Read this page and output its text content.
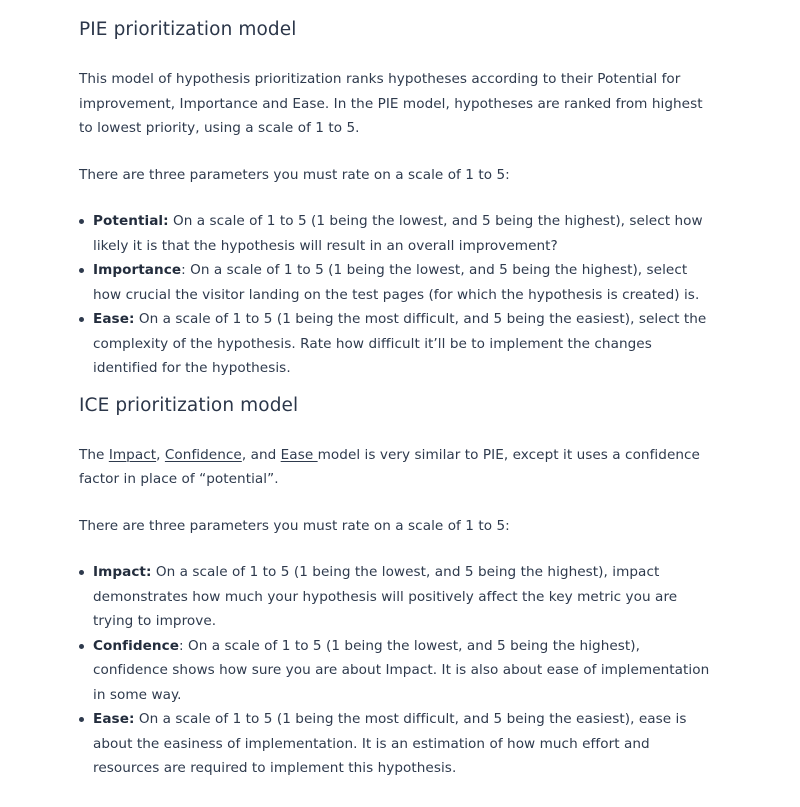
PIE prioritization model

This model of hypothesis prioritization ranks hypotheses according to their Potential for improvement, Importance and Ease. In the PIE model, hypotheses are ranked from highest to lowest priority, using a scale of 1 to 5.

There are three parameters you must rate on a scale of 1 to 5:

Potential: On a scale of 1 to 5 (1 being the lowest, and 5 being the highest), select how likely it is that the hypothesis will result in an overall improvement?
Importance: On a scale of 1 to 5 (1 being the lowest, and 5 being the highest), select how crucial the visitor landing on the test pages (for which the hypothesis is created) is.
Ease: On a scale of 1 to 5 (1 being the most difficult, and 5 being the easiest), select the complexity of the hypothesis. Rate how difficult it’ll be to implement the changes identified for the hypothesis.
ICE prioritization model

The Impact, Confidence, and Ease model is very similar to PIE, except it uses a confidence factor in place of “potential”.

There are three parameters you must rate on a scale of 1 to 5:

Impact: On a scale of 1 to 5 (1 being the lowest, and 5 being the highest), impact demonstrates how much your hypothesis will positively affect the key metric you are trying to improve.
Confidence: On a scale of 1 to 5 (1 being the lowest, and 5 being the highest), confidence shows how sure you are about Impact. It is also about ease of implementation in some way.
Ease: On a scale of 1 to 5 (1 being the most difficult, and 5 being the easiest), ease is about the easiness of implementation. It is an estimation of how much effort and resources are required to implement this hypothesis.
